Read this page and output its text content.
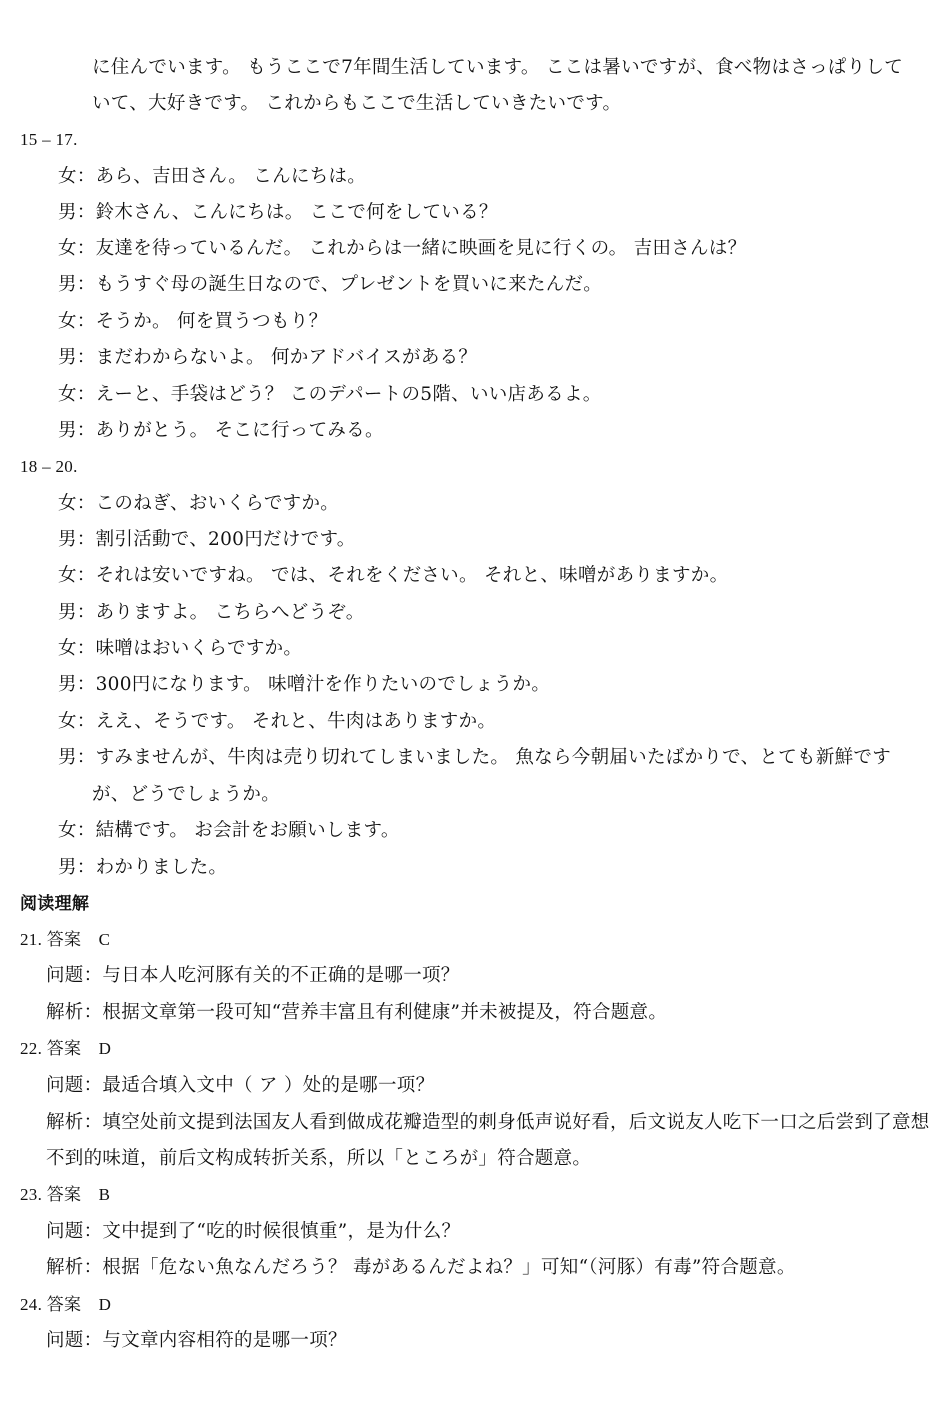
に住んでいます。 もうここで7年間生活しています。 ここは暑いですが、食べ物はさっぱりして
いて、大好きです。 これからもここで生活していきたいです。
15 – 17.
女：あら、吉田さん。 こんにちは。
男：鈴木さん、こんにちは。 ここで何をしている？
女：友達を待っているんだ。 これからは一緒に映画を見に行くの。 吉田さんは？
男：もうすぐ母の誕生日なので、プレゼントを買いに来たんだ。
女：そうか。 何を買うつもり？
男：まだわからないよ。 何かアドバイスがある？
女：えーと、手袋はどう？ このデパートの5階、いい店あるよ。
男：ありがとう。 そこに行ってみる。
18 – 20.
女：このねぎ、おいくらですか。
男：割引活動で、200円だけです。
女：それは安いですね。 では、それをください。 それと、味噌がありますか。
男：ありますよ。 こちらへどうぞ。
女：味噌はおいくらですか。
男：300円になります。 味噌汁を作りたいのでしょうか。
女：ええ、そうです。 それと、牛肉はありますか。
男：すみませんが、牛肉は売り切れてしまいました。 魚なら今朝届いたばかりで、とても新鮮です
が、どうでしょうか。
女：結構です。 お会計をお願いします。
男：わかりました。
阅读理解
21. 答案　C
问题：与日本人吃河豚有关的不正确的是哪一项？
解析：根据文章第一段可知“营养丰富且有利健康”并未被提及，符合题意。
22. 答案　D
问题：最适合填入文中（ ア ）处的是哪一项？
解析：填空处前文提到法国友人看到做成花瓣造型的刺身低声说好看，后文说友人吃下一口之后尝到了意想
不到的味道，前后文构成转折关系，所以「ところが」符合题意。
23. 答案　B
问题：文中提到了“吃的时候很慎重”，是为什么？
解析：根据「危ない魚なんだろう？ 毒があるんだよね？」可知“（河豚）有毒”符合题意。
24. 答案　D
问题：与文章内容相符的是哪一项？
